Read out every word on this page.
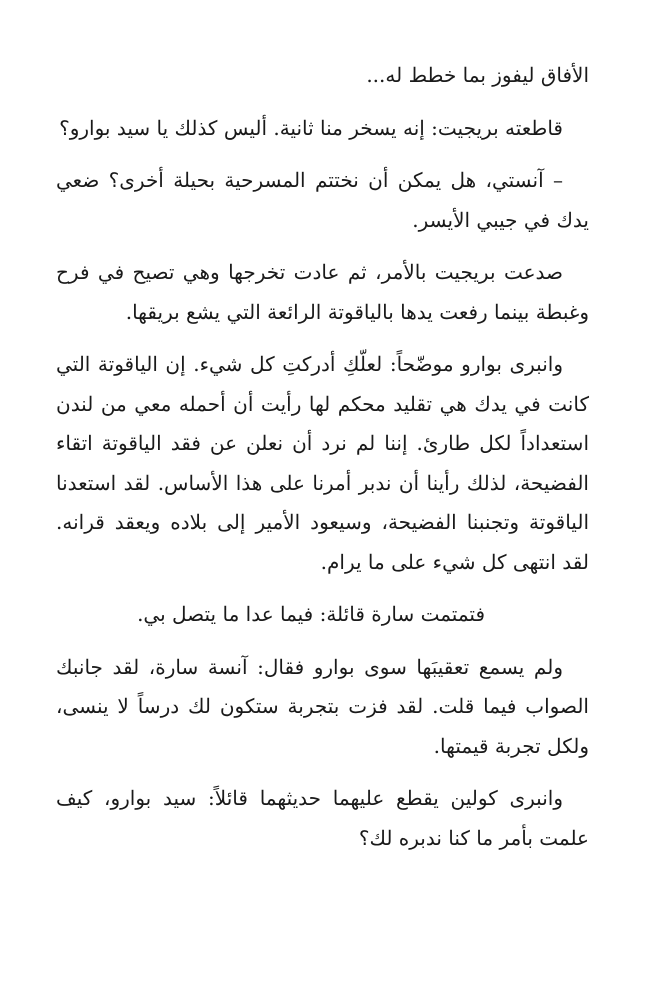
الأفاق ليفوز بما خطط له...

قاطعته بريجيت: إنه يسخر منا ثانية. أليس كذلك يا سيد بوارو؟

– آنستي، هل يمكن أن نختتم المسرحية بحيلة أخرى؟ ضعي يدك في جيبي الأيسر.

صدعت بريجيت بالأمر، ثم عادت تخرجها وهي تصيح في فرح وغبطة بينما رفعت يدها بالياقوتة الرائعة التي يشع بريقها.

وانبرى بوارو موضّحاً: لعلّكِ أدركتِ كل شيء. إن الياقوتة التي كانت في يدك هي تقليد محكم لها رأيت أن أحمله معي من لندن استعداداً لكل طارئ. إننا لم نرد أن نعلن عن فقد الياقوتة اتقاء الفضيحة، لذلك رأينا أن ندبر أمرنا على هذا الأساس. لقد استعدنا الياقوتة وتجنبنا الفضيحة، وسيعود الأمير إلى بلاده ويعقد قرانه. لقد انتهى كل شيء على ما يرام.

فتمتمت سارة قائلة: فيما عدا ما يتصل بي.

ولم يسمع تعقيبَها سوى بوارو فقال: آنسة سارة، لقد جانبك الصواب فيما قلت. لقد فزت بتجربة ستكون لك درساً لا ينسى، ولكل تجربة قيمتها.

وانبرى كولين يقطع عليهما حديثهما قائلاً: سيد بوارو، كيف علمت بأمر ما كنا ندبره لك؟
